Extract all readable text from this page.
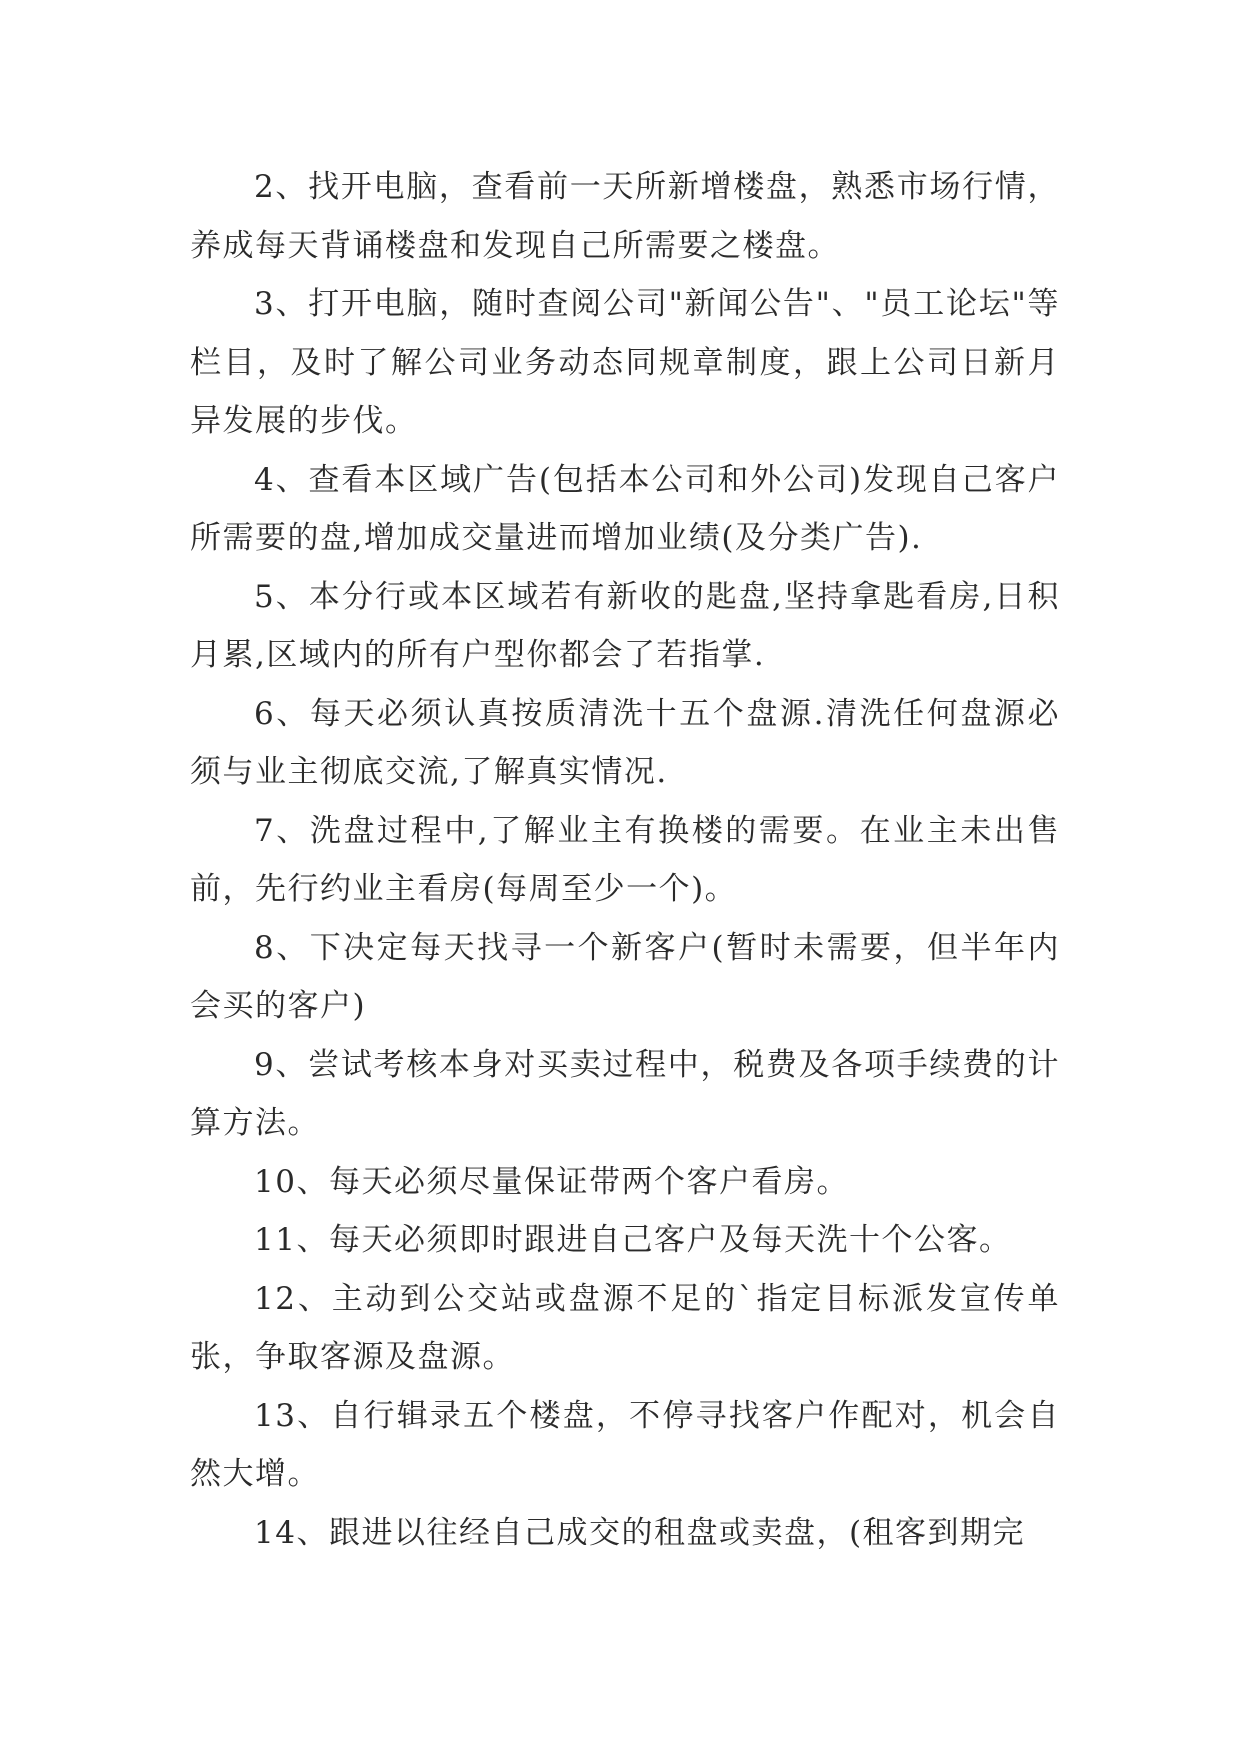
2、找开电脑，查看前一天所新增楼盘，熟悉市场行情，养成每天背诵楼盘和发现自己所需要之楼盘。

3、打开电脑，随时查阅公司"新闻公告"、"员工论坛"等栏目，及时了解公司业务动态同规章制度，跟上公司日新月异发展的步伐。

4、查看本区域广告(包括本公司和外公司)发现自己客户所需要的盘,增加成交量进而增加业绩(及分类广告).

5、本分行或本区域若有新收的匙盘,坚持拿匙看房,日积月累,区域内的所有户型你都会了若指掌.

6、每天必须认真按质清洗十五个盘源.清洗任何盘源必须与业主彻底交流,了解真实情况.

7、洗盘过程中,了解业主有换楼的需要。在业主未出售前，先行约业主看房(每周至少一个)。

8、下决定每天找寻一个新客户(暂时未需要，但半年内会买的客户)

9、尝试考核本身对买卖过程中，税费及各项手续费的计算方法。

10、每天必须尽量保证带两个客户看房。

11、每天必须即时跟进自己客户及每天洗十个公客。

12、主动到公交站或盘源不足的`指定目标派发宣传单张，争取客源及盘源。

13、自行辑录五个楼盘，不停寻找客户作配对，机会自然大增。

14、跟进以往经自己成交的租盘或卖盘，(租客到期完
